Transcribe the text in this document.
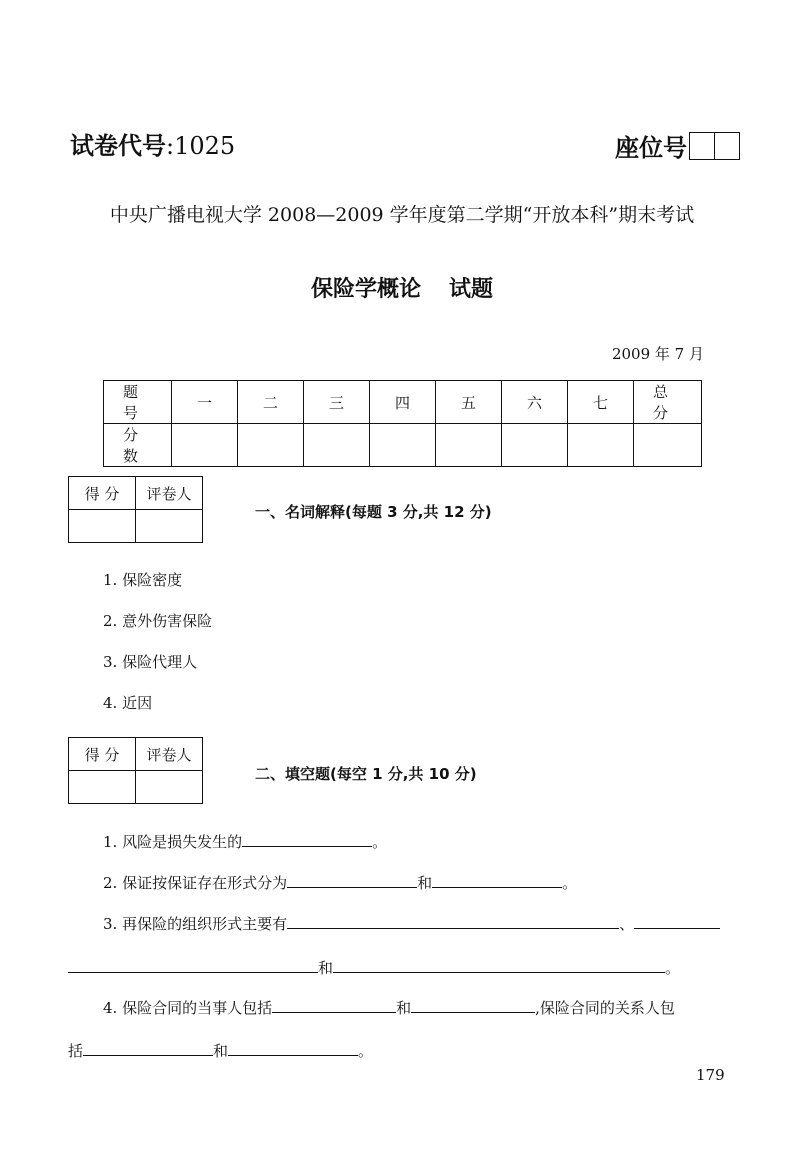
试卷代号:1025	座位号
中央广播电视大学 2008—2009 学年度第二学期“开放本科”期末考试
保险学概论 试题
2009 年 7 月
题 号	一	二	三	四	五	六	七	总 分
分 数								
得 分	评卷人

一、名词解释(每题 3 分,共 12 分)
1. 保险密度
2. 意外伤害保险
3. 保险代理人
4. 近因
得 分	评卷人

二、填空题(每空 1 分,共 10 分)
1. 风险是损失发生的	。
2. 保证按保证存在形式分为	和	。
3. 再保险的组织形式主要有	、
和	。
4. 保险合同的当事人包括	和	,保险合同的关系人包
括	和	。
179
